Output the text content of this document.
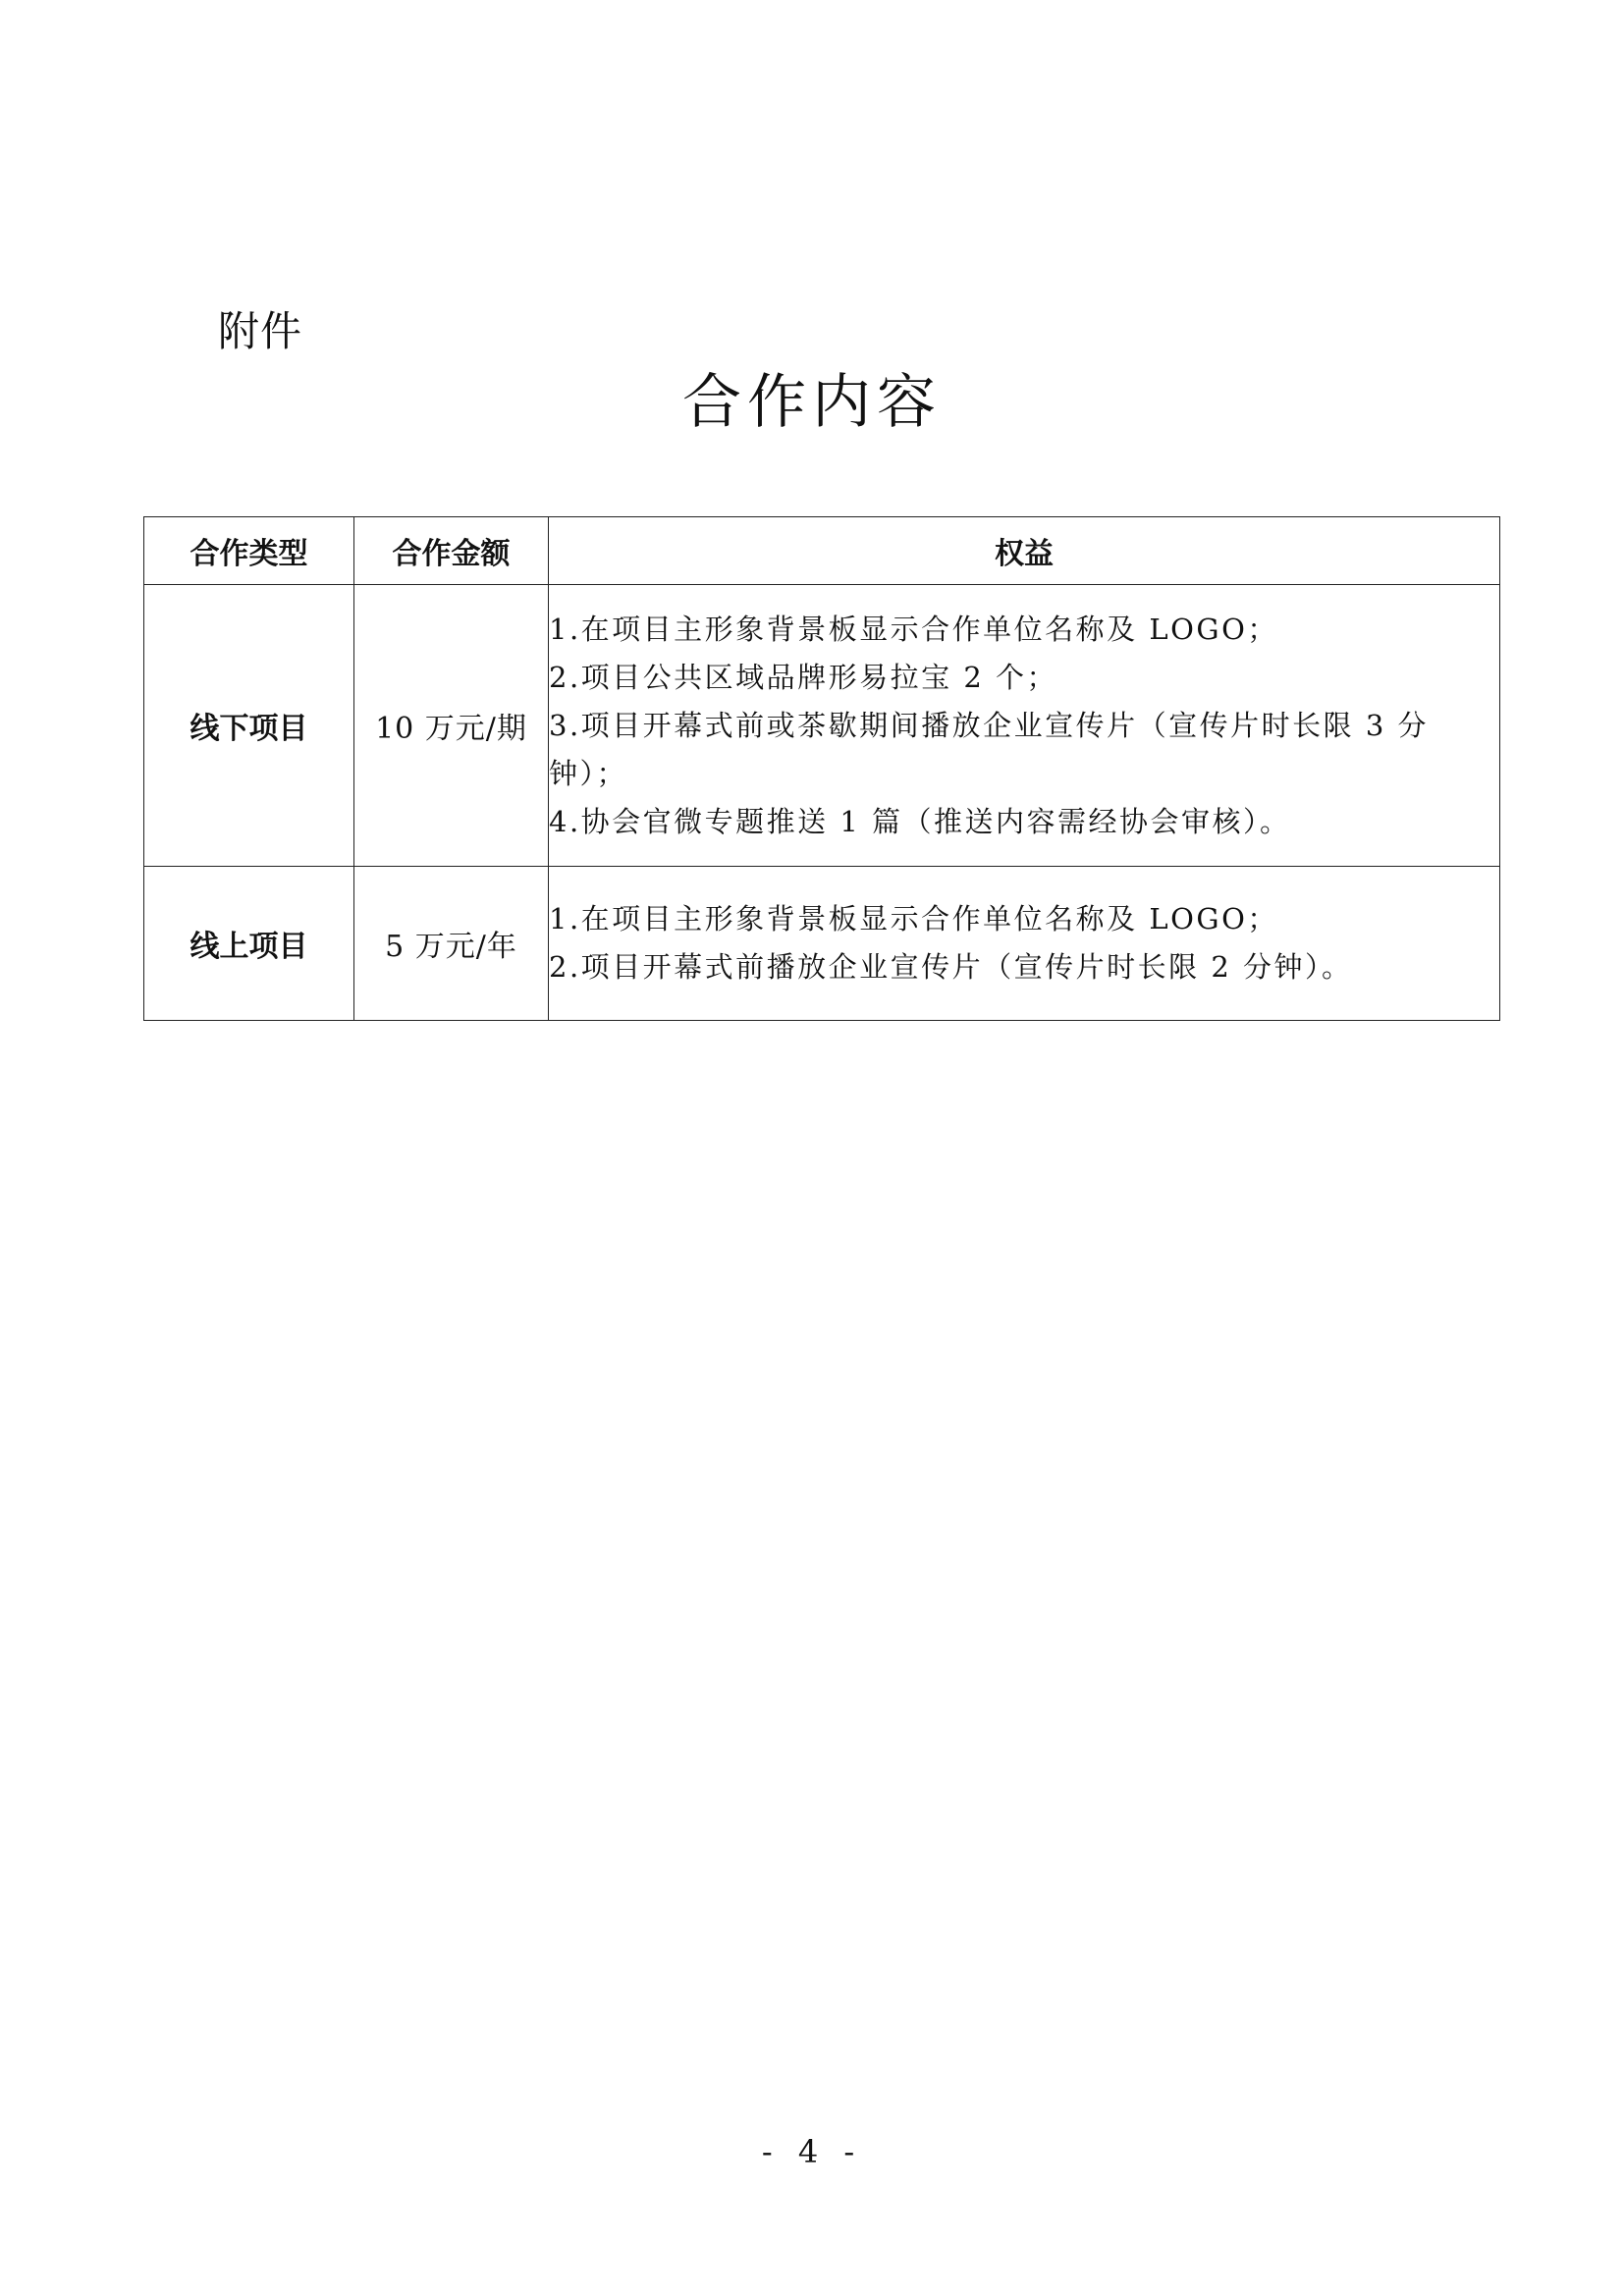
附件
合作内容
合作类型	合作金额	权益
线下项目	10 万元/期	1.在项目主形象背景板显示合作单位名称及 LOGO；
2.项目公共区域品牌形易拉宝 2 个；
3.项目开幕式前或茶歇期间播放企业宣传片（宣传片时长限 3 分钟）；
4.协会官微专题推送 1 篇（推送内容需经协会审核）。

线上项目	5 万元/年	1.在项目主形象背景板显示合作单位名称及 LOGO；
2.项目开幕式前播放企业宣传片（宣传片时长限 2 分钟）。
- 4 -
